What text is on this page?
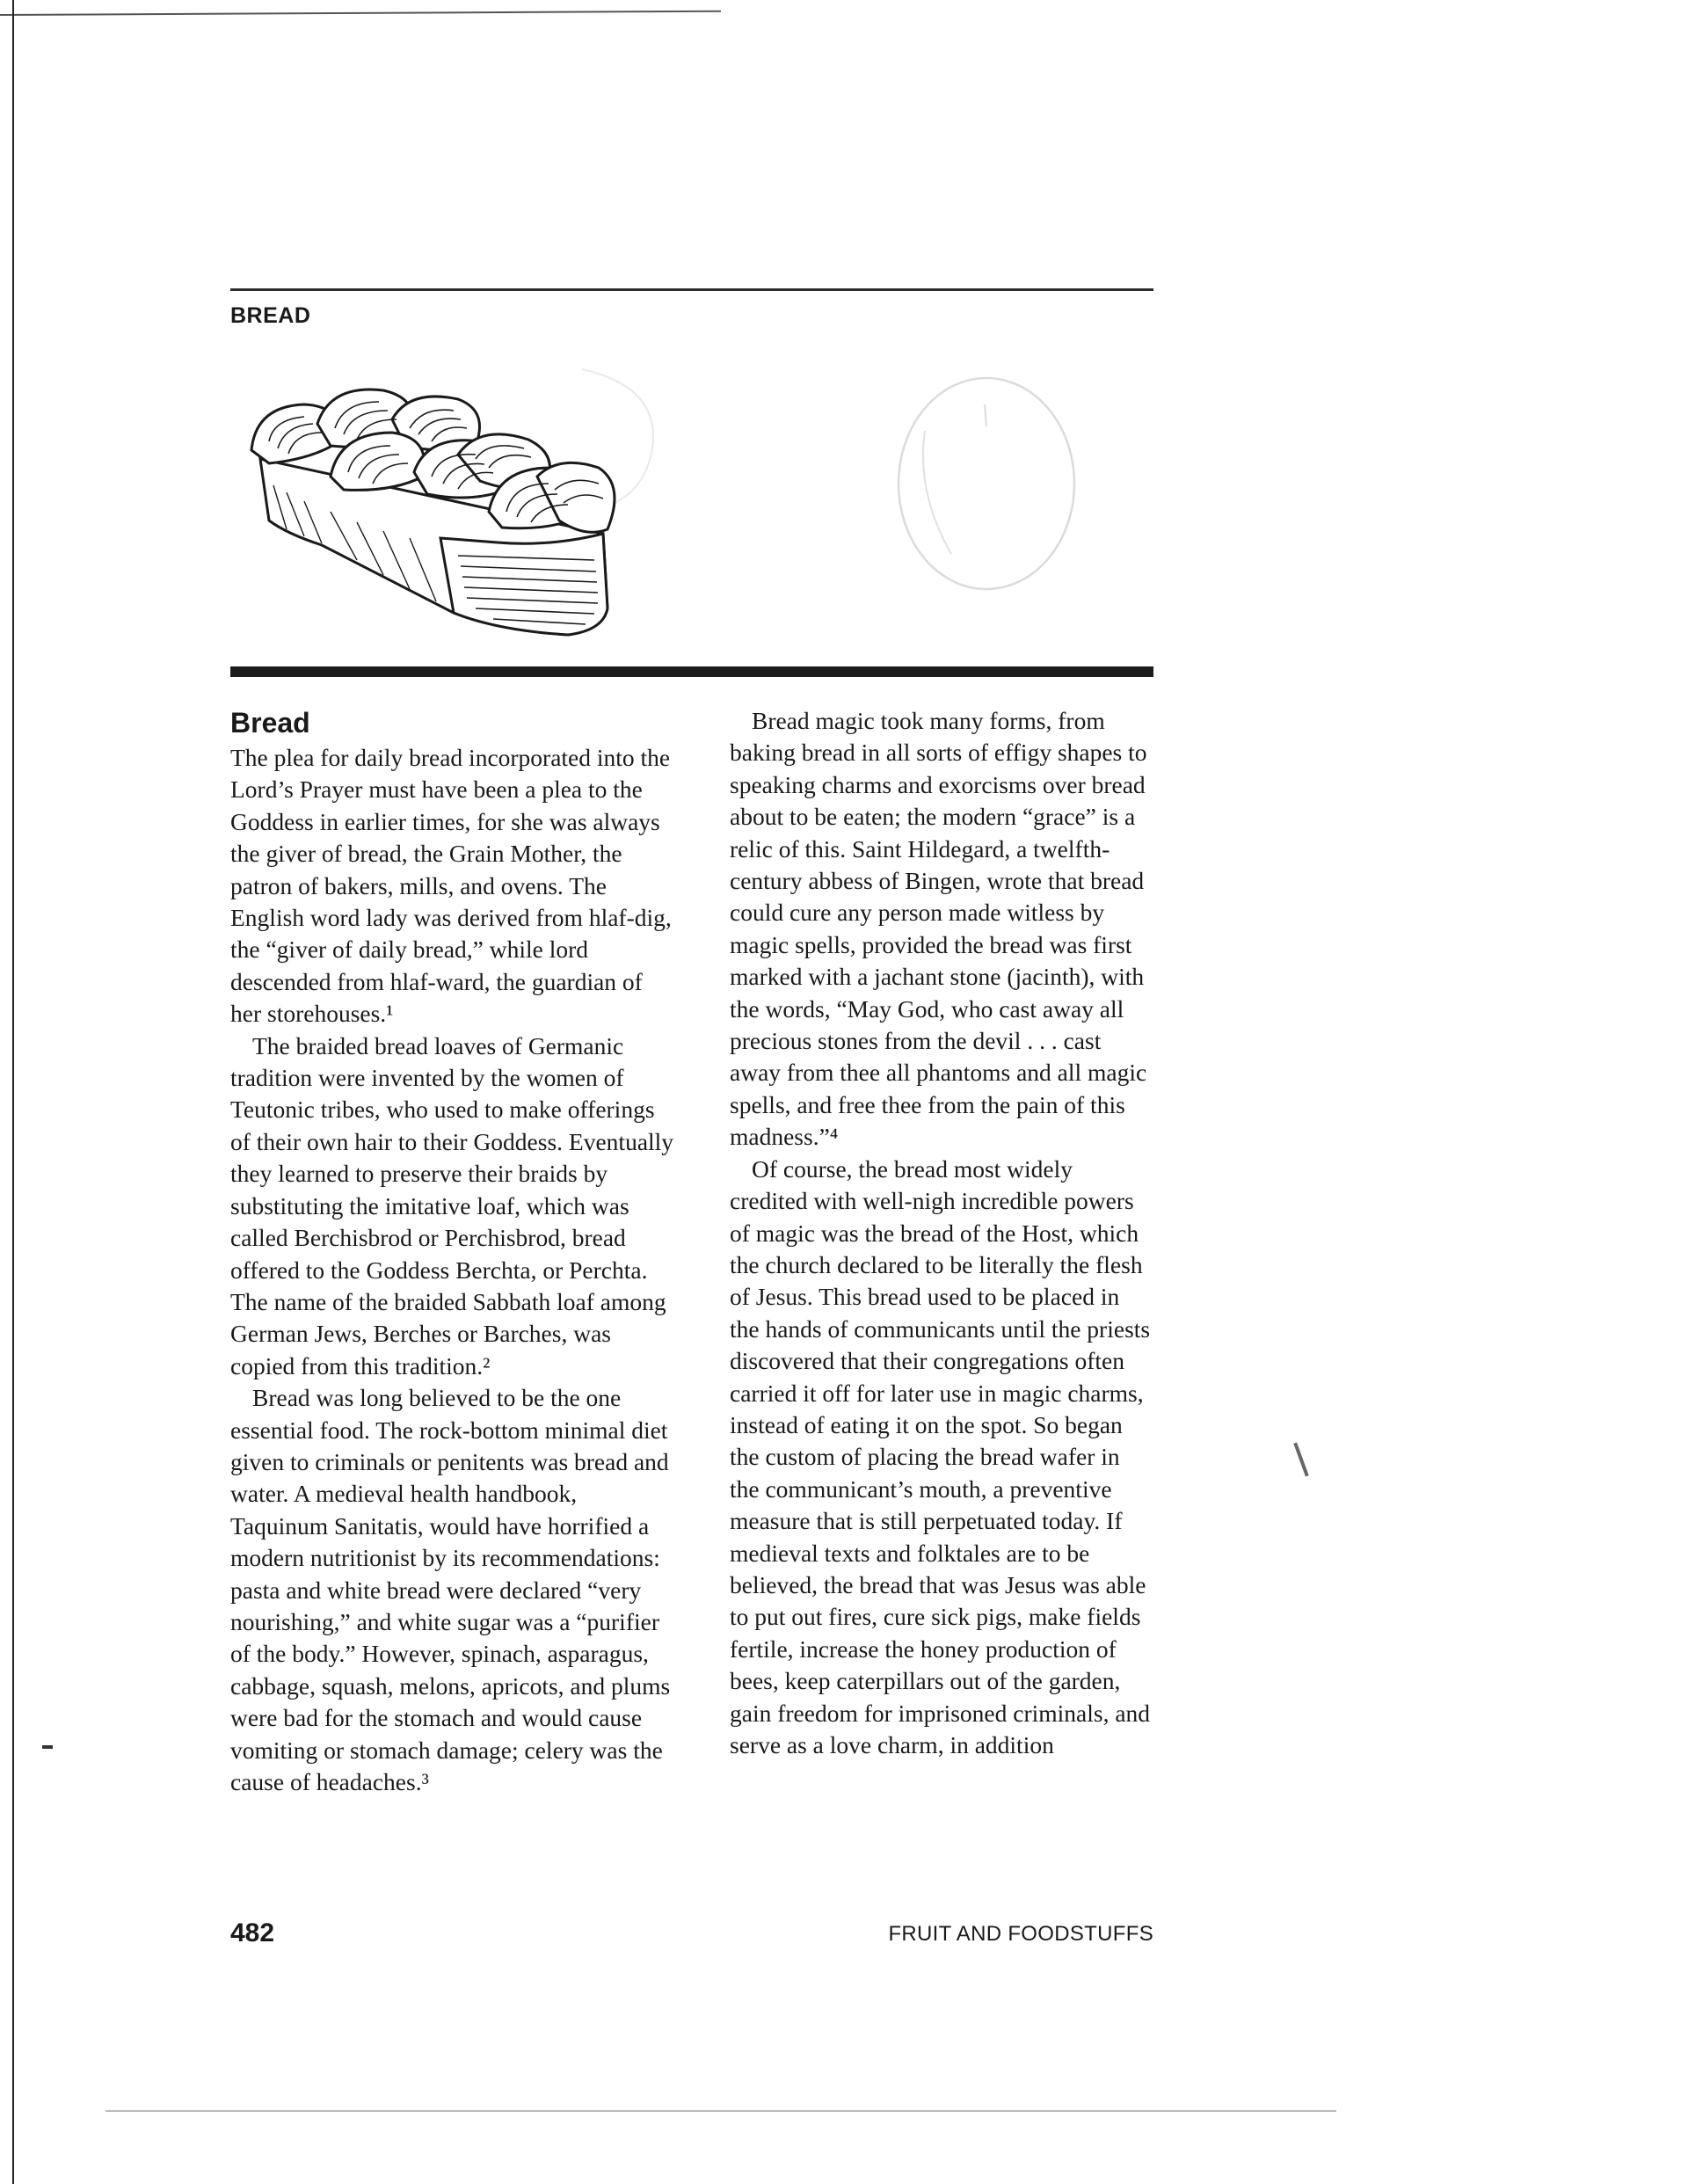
BREAD
Bread

The plea for daily bread incorporated into the Lord’s Prayer must have been a plea to the Goddess in earlier times, for she was always the giver of bread, the Grain Mother, the patron of bakers, mills, and ovens. The English word lady was derived from hlaf-dig, the “giver of daily bread,” while lord descended from hlaf-ward, the guardian of her storehouses.¹

The braided bread loaves of Germanic tradition were invented by the women of Teutonic tribes, who used to make offerings of their own hair to their Goddess. Eventually they learned to preserve their braids by substituting the imitative loaf, which was called Berchisbrod or Perchisbrod, bread offered to the Goddess Berchta, or Perchta. The name of the braided Sabbath loaf among German Jews, Berches or Barches, was copied from this tradition.²

Bread was long believed to be the one essential food. The rock-bottom minimal diet given to criminals or penitents was bread and water. A medieval health handbook, Taquinum Sanitatis, would have horrified a modern nutritionist by its recommendations: pasta and white bread were declared “very nourishing,” and white sugar was a “purifier of the body.” However, spinach, asparagus, cabbage, squash, melons, apricots, and plums were bad for the stomach and would cause vomiting or stomach damage; celery was the cause of headaches.³

Bread magic took many forms, from baking bread in all sorts of effigy shapes to speaking charms and exorcisms over bread about to be eaten; the modern “grace” is a relic of this. Saint Hildegard, a twelfth-century abbess of Bingen, wrote that bread could cure any person made witless by magic spells, provided the bread was first marked with a jachant stone (jacinth), with the words, “May God, who cast away all precious stones from the devil . . . cast away from thee all phantoms and all magic spells, and free thee from the pain of this madness.”⁴

Of course, the bread most widely credited with well-nigh incredible powers of magic was the bread of the Host, which the church declared to be literally the flesh of Jesus. This bread used to be placed in the hands of communicants until the priests discovered that their congregations often carried it off for later use in magic charms, instead of eating it on the spot. So began the custom of placing the bread wafer in the communicant’s mouth, a preventive measure that is still perpetuated today. If medieval texts and folktales are to be believed, the bread that was Jesus was able to put out fires, cure sick pigs, make fields fertile, increase the honey production of bees, keep caterpillars out of the garden, gain freedom for imprisoned criminals, and serve as a love charm, in addition

482	FRUIT AND FOODSTUFFS
